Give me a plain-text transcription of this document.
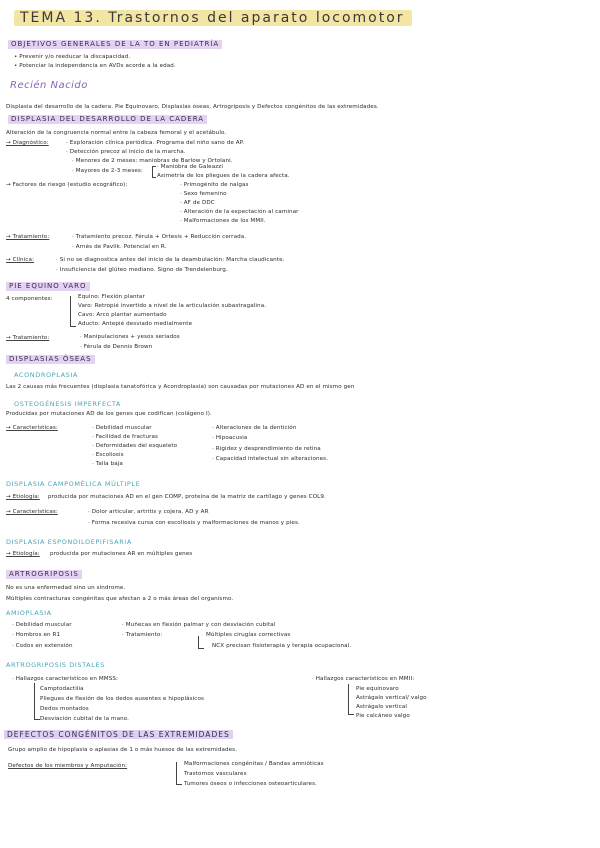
TEMA 13. Trastornos del aparato locomotor
OBJETIVOS GENERALES DE LA TO EN PEDIATRÍA
• Prevenir y/o reeducar la discapacidad.
• Potenciar la independencia en AVDs acorde a la edad.
Recién Nacido
Displasia del desarrollo de la cadera. Pie Equinovaro, Displasias óseas, Artrogriposis y Defectos congénitos de las extremidades.
DISPLASIA DEL DESARROLLO DE LA CADERA
Alteración de la congruencia normal entre la cabeza femoral y el acetábulo.
→ Diagnóstico:	· Exploración clínica periódica. Programa del niño sano de AP.
· Detección precoz al inicio de la marcha.
· Menores de 2 meses: maniobras de Barlow y Ortolani.
· Mayores de 2-3 meses:
· Maniobra de Galeazzi
Asimetría de los pliegues de la cadera afecta.
→ Factores de riesgo (estudio ecográfico):	· Primogénito de nalgas
· Sexo femenino
· AF de DDC
· Alteración de la expectación al caminar
· Malformaciones de los MMII.
→ Tratamiento:	· Tratamiento precoz. Férula + Ortesis + Reducción cerrada.
· Arnés de Pavlik. Potencial en R.
→ Clínica:	· Si no se diagnostica antes del inicio de la deambulación: Marcha claudicante.
· Insuficiencia del glúteo mediano. Signo de Trendelenburg.
PIE EQUINO VARO
4 componentes:	Equino: Flexión plantar
Varo: Retropié invertido a nivel de la articulación subastragalina.
Cavo: Arco plantar aumentado
Aducto: Antepié desviado medialmente
→ Tratamiento:	· Manipulaciones + yesos seriados
· Férula de Dennis Brown
DISPLASIAS ÓSEAS
ACONDROPLASIA
Las 2 causas más frecuentes (displasia tanatofórica y Acondroplasia) son causadas por mutaciones AD en el mismo gen
OSTEOGÉNESIS IMPERFECTA
Producidas por mutaciones AD de los genes que codifican (colágeno I).
→ Características:	· Debilidad muscular
· Facilidad de fracturas
· Deformidades del esqueleto
· Escoliosis
· Talla baja
· Alteraciones de la dentición
· Hipoacusia
· Rigidez y desprendimiento de retina
· Capacidad intelectual sin alteraciones.
DISPLASIA CAMPOMÉLICA MÚLTIPLE
→ Etiología: producida por mutaciones AD en el gen COMP, proteína de la matriz de cartílago y genes COL9.
→ Características:	· Dolor articular, artritis y cojera, AD y AR
· Forma recesiva cursa con escoliosis y malformaciones de manos y pies.
DISPLASIA ESPONDILOEPIFISARIA
→ Etiología: producida por mutaciones AR en múltiples genes
ARTROGRIPOSIS
No es una enfermedad sino un síndrome.
Múltiples contracturas congénitas que afectan a 2 o más áreas del organismo.
AMIOPLASIA
· Debilidad muscular
· Hombros en R1
· Codos en extensión
· Muñecas en flexión palmar y con desviación cubital
· Tratamiento:	Múltiples cirugías correctivas
NCX precisan fisioterapia y terapia ocupacional.
ARTROGRIPOSIS DISTALES
· Hallazgos característicos en MMSS:
Camptodactilia
Pliegues de flexión de los dedos ausentes e hipoplásicos
Dedos montados
Desviación cubital de la mano.
· Hallazgos característicos en MMII:
Pie equinovaro
Astrágalo vertical/ valgo
Astrágalo vertical
Pie calcáneo valgo
DEFECTOS CONGÉNITOS DE LAS EXTREMIDADES
Grupo amplio de hipoplasia o aplasias de 1 o más huesos de las extremidades.
Defectos de los miembros y Amputación:	Malformaciones congénitas / Bandas amnióticas
Trastornos vasculares
Tumores óseos o infecciones osteoarticulares.
